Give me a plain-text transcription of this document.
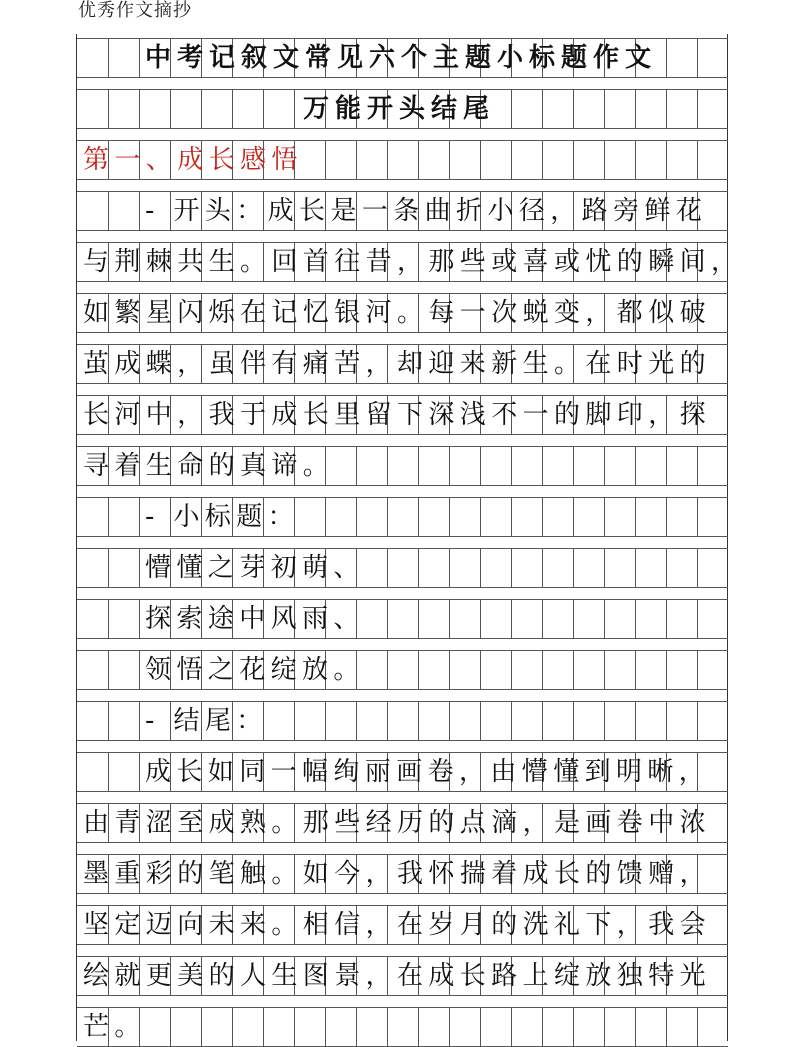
优秀作文摘抄
中考记叙文常见六个主题小标题作文
万能开头结尾
第一、成长感悟
- 开头：成长是一条曲折小径，路旁鲜花
与荆棘共生。回首往昔，那些或喜或忧的瞬间，
如繁星闪烁在记忆银河。每一次蜕变，都似破
茧成蝶，虽伴有痛苦，却迎来新生。在时光的
长河中，我于成长里留下深浅不一的脚印，探
寻着生命的真谛。
- 小标题：
懵懂之芽初萌、
探索途中风雨、
领悟之花绽放。
- 结尾：
成长如同一幅绚丽画卷，由懵懂到明晰，
由青涩至成熟。那些经历的点滴，是画卷中浓
墨重彩的笔触。如今，我怀揣着成长的馈赠，
坚定迈向未来。相信，在岁月的洗礼下，我会
绘就更美的人生图景，在成长路上绽放独特光
芒。
